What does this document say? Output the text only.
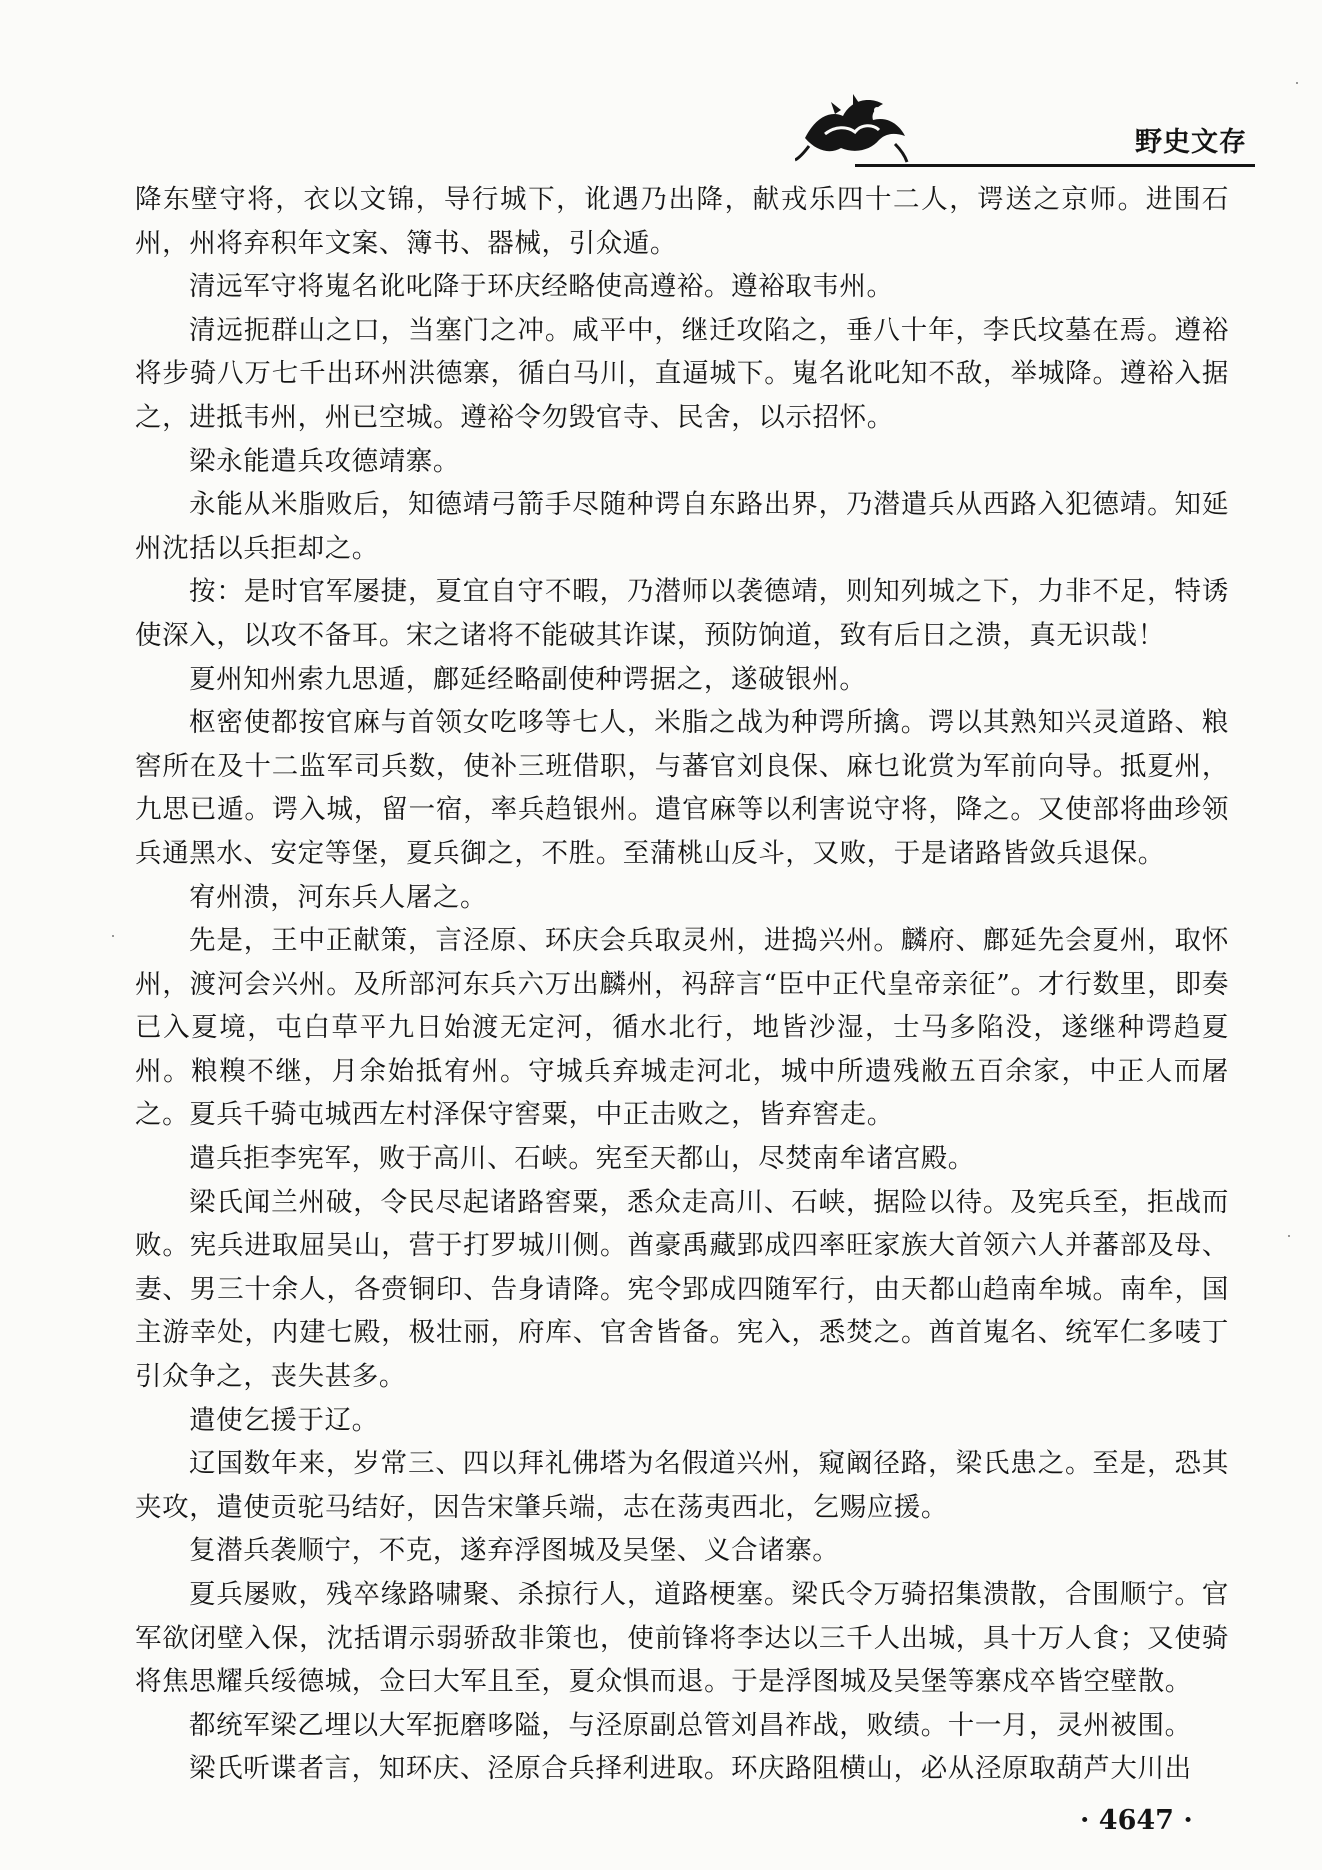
野史文存

降东壁守将，衣以文锦，导行城下，讹遇乃出降，献戎乐四十二人，谔送之京师。进围石州，州将弃积年文案、簿书、器械，引众遁。

清远军守将嵬名讹叱降于环庆经略使高遵裕。遵裕取韦州。

清远扼群山之口，当塞门之冲。咸平中，继迁攻陷之，垂八十年，李氏坟墓在焉。遵裕将步骑八万七千出环州洪德寨，循白马川，直逼城下。嵬名讹叱知不敌，举城降。遵裕入据之，进抵韦州，州已空城。遵裕令勿毁官寺、民舍，以示招怀。

梁永能遣兵攻德靖寨。

永能从米脂败后，知德靖弓箭手尽随种谔自东路出界，乃潜遣兵从西路入犯德靖。知延州沈括以兵拒却之。

按：是时官军屡捷，夏宜自守不暇，乃潜师以袭德靖，则知列城之下，力非不足，特诱使深入，以攻不备耳。宋之诸将不能破其诈谋，预防饷道，致有后日之溃，真无识哉！

夏州知州索九思遁，鄜延经略副使种谔据之，遂破银州。

枢密使都按官麻与首领女吃哆等七人，米脂之战为种谔所擒。谔以其熟知兴灵道路、粮窖所在及十二监军司兵数，使补三班借职，与蕃官刘良保、麻乜讹赏为军前向导。抵夏州，九思已遁。谔入城，留一宿，率兵趋银州。遣官麻等以利害说守将，降之。又使部将曲珍领兵通黑水、安定等堡，夏兵御之，不胜。至蒲桃山反斗，又败，于是诸路皆敛兵退保。

宥州溃，河东兵人屠之。

先是，王中正献策，言泾原、环庆会兵取灵州，进捣兴州。麟府、鄜延先会夏州，取怀州，渡河会兴州。及所部河东兵六万出麟州，祃辞言“臣中正代皇帝亲征”。才行数里，即奏已入夏境，屯白草平九日始渡无定河，循水北行，地皆沙湿，士马多陷没，遂继种谔趋夏州。粮糗不继，月余始抵宥州。守城兵弃城走河北，城中所遗残敝五百余家，中正人而屠之。夏兵千骑屯城西左村泽保守窖粟，中正击败之，皆弃窖走。

遣兵拒李宪军，败于高川、石峡。宪至天都山，尽焚南牟诸宫殿。

梁氏闻兰州破，令民尽起诸路窖粟，悉众走高川、石峡，据险以待。及宪兵至，拒战而败。宪兵进取屈吴山，营于打罗城川侧。酋豪禹藏郢成四率旺家族大首领六人并蕃部及母、妻、男三十余人，各赍铜印、告身请降。宪令郢成四随军行，由天都山趋南牟城。南牟，国主游幸处，内建七殿，极壮丽，府库、官舍皆备。宪入，悉焚之。酋首嵬名、统军仁多唛丁引众争之，丧失甚多。

遣使乞援于辽。

辽国数年来，岁常三、四以拜礼佛塔为名假道兴州，窥阚径路，梁氏患之。至是，恐其夹攻，遣使贡驼马结好，因告宋肇兵端，志在荡夷西北，乞赐应援。

复潜兵袭顺宁，不克，遂弃浮图城及吴堡、义合诸寨。

夏兵屡败，残卒缘路啸聚、杀掠行人，道路梗塞。梁氏令万骑招集溃散，合围顺宁。官军欲闭壁入保，沈括谓示弱骄敌非策也，使前锋将李达以三千人出城，具十万人食；又使骑将焦思耀兵绥德城，佥曰大军且至，夏众惧而退。于是浮图城及吴堡等寨戍卒皆空壁散。

都统军梁乙埋以大军扼磨哆隘，与泾原副总管刘昌祚战，败绩。十一月，灵州被围。

梁氏听谍者言，知环庆、泾原合兵择利进取。环庆路阻横山，必从泾原取葫芦大川出

· 4647 ·
